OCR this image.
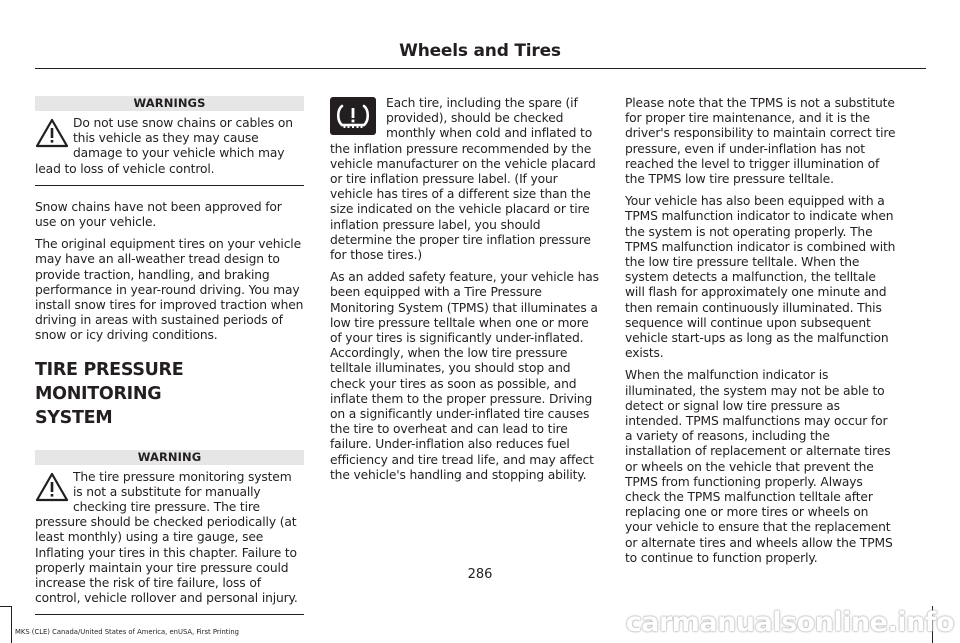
Wheels and Tires
WARNINGS
Do not use snow chains or cables on this vehicle as they may cause damage to your vehicle which may lead to loss of vehicle control.

Snow chains have not been approved for use on your vehicle.

The original equipment tires on your vehicle may have an all-weather tread design to provide traction, handling, and braking performance in year-round driving. You may install snow tires for improved traction when driving in areas with sustained periods of snow or icy driving conditions.

TIRE PRESSURE MONITORING
SYSTEM
WARNING
The tire pressure monitoring system is not a substitute for manually checking tire pressure. The tire pressure should be checked periodically (at least monthly) using a tire gauge, see Inflating your tires in this chapter. Failure to properly maintain your tire pressure could increase the risk of tire failure, loss of control, vehicle rollover and personal injury.

Each tire, including the spare (if provided), should be checked monthly when cold and inflated to the inflation pressure recommended by the vehicle manufacturer on the vehicle placard or tire inflation pressure label. (If your vehicle has tires of a different size than the size indicated on the vehicle placard or tire inflation pressure label, you should determine the proper tire inflation pressure for those tires.)

As an added safety feature, your vehicle has been equipped with a Tire Pressure Monitoring System (TPMS) that illuminates a low tire pressure telltale when one or more of your tires is significantly under-inflated. Accordingly, when the low tire pressure telltale illuminates, you should stop and check your tires as soon as possible, and inflate them to the proper pressure. Driving on a significantly under-inflated tire causes the tire to overheat and can lead to tire failure. Under-inflation also reduces fuel efficiency and tire tread life, and may affect the vehicle's handling and stopping ability.

Please note that the TPMS is not a substitute for proper tire maintenance, and it is the driver's responsibility to maintain correct tire pressure, even if under-inflation has not reached the level to trigger illumination of the TPMS low tire pressure telltale.

Your vehicle has also been equipped with a TPMS malfunction indicator to indicate when the system is not operating properly. The TPMS malfunction indicator is combined with the low tire pressure telltale. When the system detects a malfunction, the telltale will flash for approximately one minute and then remain continuously illuminated. This sequence will continue upon subsequent vehicle start-ups as long as the malfunction exists.

When the malfunction indicator is illuminated, the system may not be able to detect or signal low tire pressure as intended. TPMS malfunctions may occur for a variety of reasons, including the installation of replacement or alternate tires or wheels on the vehicle that prevent the TPMS from functioning properly. Always check the TPMS malfunction telltale after replacing one or more tires or wheels on your vehicle to ensure that the replacement or alternate tires and wheels allow the TPMS to continue to function properly.

286
MKS (CLE) Canada/United States of America, enUSA, First Printing	carmanualsonline.info
